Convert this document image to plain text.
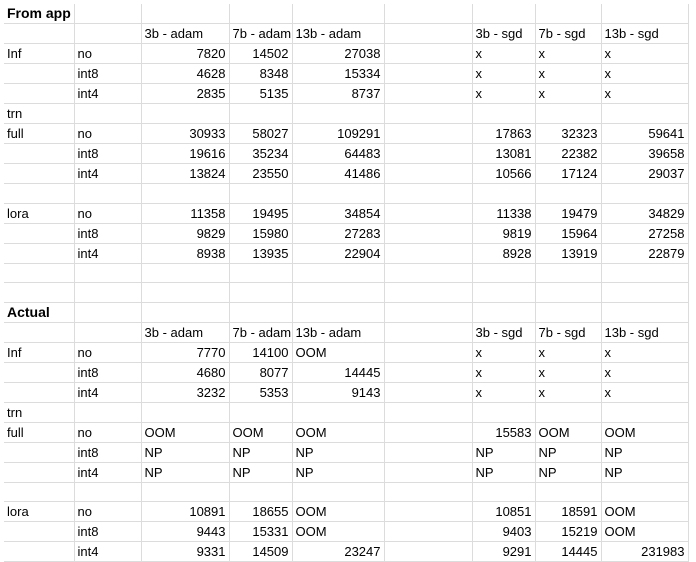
From app								
		3b - adam	7b - adam	13b - adam		3b - sgd	7b - sgd	13b - sgd
Inf	no	7820	14502	27038		x	x	x
	int8	4628	8348	15334		x	x	x
	int4	2835	5135	8737		x	x	x
trn								
full	no	30933	58027	109291		17863	32323	59641
	int8	19616	35234	64483		13081	22382	39658
	int4	13824	23550	41486		10566	17124	29037

lora	no	11358	19495	34854		11338	19479	34829
	int8	9829	15980	27283		9819	15964	27258
	int4	8938	13935	22904		8928	13919	22879

Actual								
		3b - adam	7b - adam	13b - adam		3b - sgd	7b - sgd	13b - sgd
Inf	no	7770	14100	OOM		x	x	x
	int8	4680	8077	14445		x	x	x
	int4	3232	5353	9143		x	x	x
trn								
full	no	OOM	OOM	OOM		15583	OOM	OOM
	int8	NP	NP	NP		NP	NP	NP
	int4	NP	NP	NP		NP	NP	NP

lora	no	10891	18655	OOM		10851	18591	OOM
	int8	9443	15331	OOM		9403	15219	OOM
	int4	9331	14509	23247		9291	14445	231983
